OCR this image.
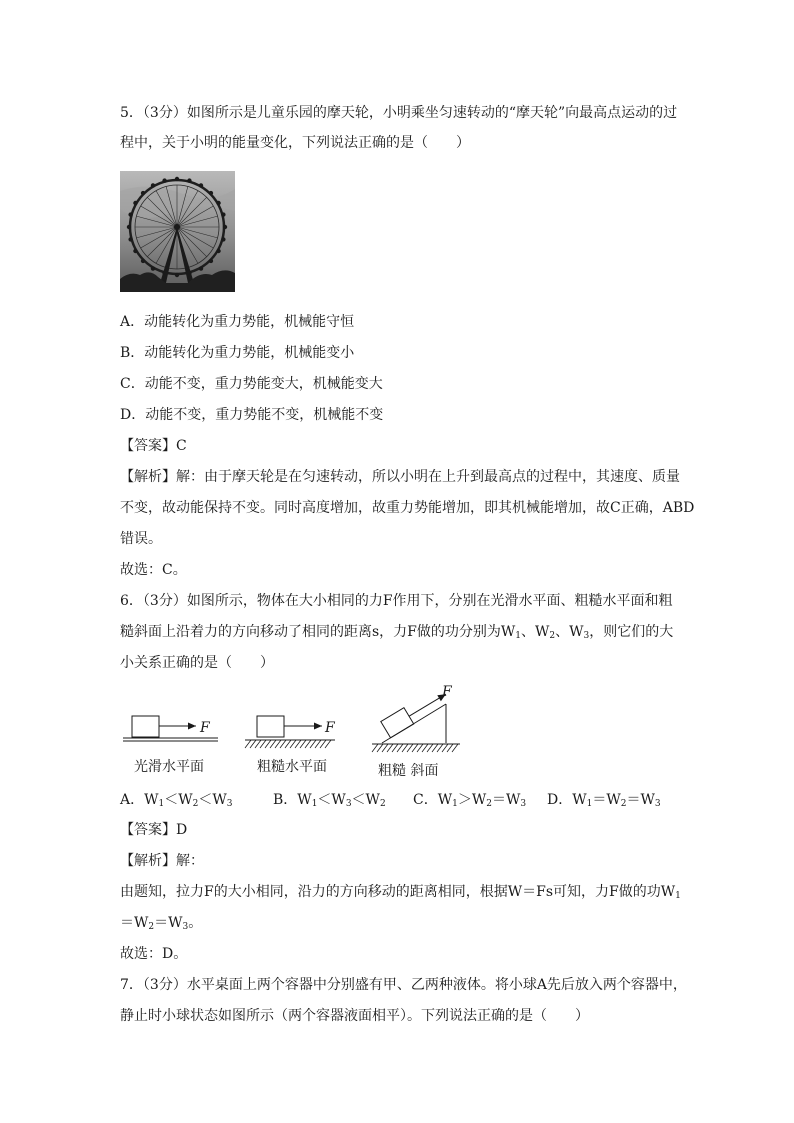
5．（3分）如图所示是儿童乐园的摩天轮，小明乘坐匀速转动的“摩天轮”向最高点运动的过
程中，关于小明的能量变化，下列说法正确的是（　　）
A．动能转化为重力势能，机械能守恒
B．动能转化为重力势能，机械能变小
C．动能不变，重力势能变大，机械能变大
D．动能不变，重力势能不变，机械能不变
【答案】C
【解析】解：由于摩天轮是在匀速转动，所以小明在上升到最高点的过程中，其速度、质量
不变，故动能保持不变。同时高度增加，故重力势能增加，即其机械能增加，故C正确，ABD
错误。
故选：C。
6．（3分）如图所示，物体在大小相同的力F作用下，分别在光滑水平面、粗糙水平面和粗
糙斜面上沿着力的方向移动了相同的距离s，力F做的功分别为$W_1$、$W_2$、$W_3$，则它们的大
小关系正确的是（　　）
F
光滑水平面
F
粗糙水平面
F
粗糙 斜面
A．$W_1<W_2<W_3$	B．$W_1<W_3<W_2$ C．$W_1>W_2=W_3$ D．$W_1=W_2=W_3$
【答案】D
【解析】解：
由题知，拉力F的大小相同，沿力的方向移动的距离相同，根据W＝Fs可知，力F做的功$W_1$
$=W_2=W_3$。
故选：D。
7．（3分）水平桌面上两个容器中分别盛有甲、乙两种液体。将小球A先后放入两个容器中，
静止时小球状态如图所示（两个容器液面相平）。下列说法正确的是（　　）
